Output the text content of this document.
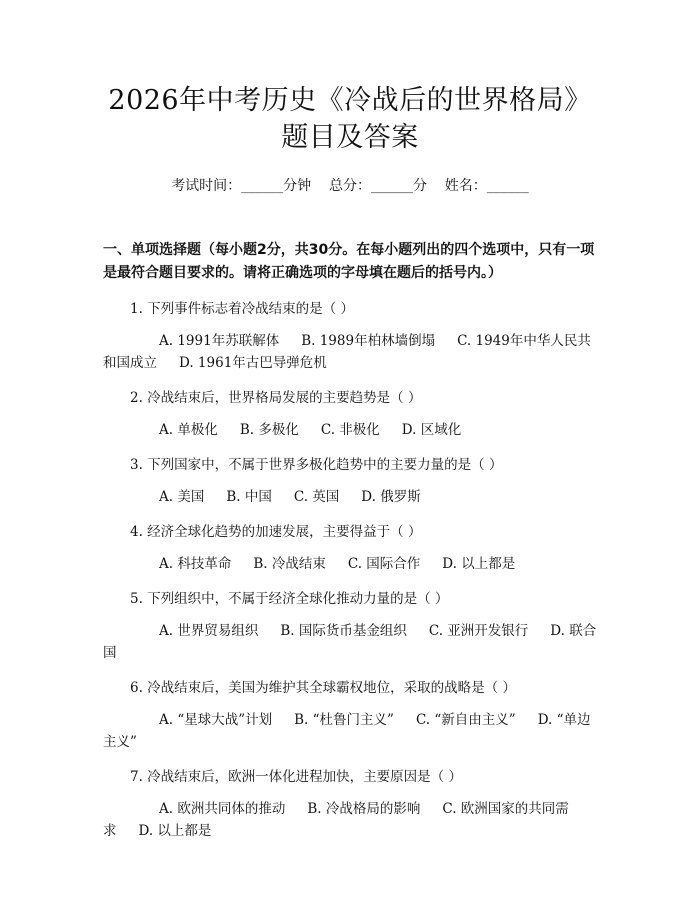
2026年中考历史《冷战后的世界格局》题目及答案
考试时间：______分钟    总分：______分    姓名：______
一、单项选择题（每小题2分，共30分。在每小题列出的四个选项中，只有一项是最符合题目要求的。请将正确选项的字母填在题后的括号内。）
1. 下列事件标志着冷战结束的是（ ）
A. 1991年苏联解体 B. 1989年柏林墙倒塌 C. 1949年中华人民共和国成立 D. 1961年古巴导弹危机
2. 冷战结束后，世界格局发展的主要趋势是（ ）
A. 单极化 B. 多极化 C. 非极化 D. 区域化
3. 下列国家中，不属于世界多极化趋势中的主要力量的是（ ）
A. 美国 B. 中国 C. 英国 D. 俄罗斯
4. 经济全球化趋势的加速发展，主要得益于（ ）
A. 科技革命 B. 冷战结束 C. 国际合作 D. 以上都是
5. 下列组织中，不属于经济全球化推动力量的是（ ）
A. 世界贸易组织 B. 国际货币基金组织 C. 亚洲开发银行 D. 联合国
6. 冷战结束后，美国为维护其全球霸权地位，采取的战略是（ ）
A. “星球大战”计划 B. “杜鲁门主义” C. “新自由主义” D. “单边主义”
7. 冷战结束后，欧洲一体化进程加快，主要原因是（ ）
A. 欧洲共同体的推动 B. 冷战格局的影响 C. 欧洲国家的共同需求 D. 以上都是
